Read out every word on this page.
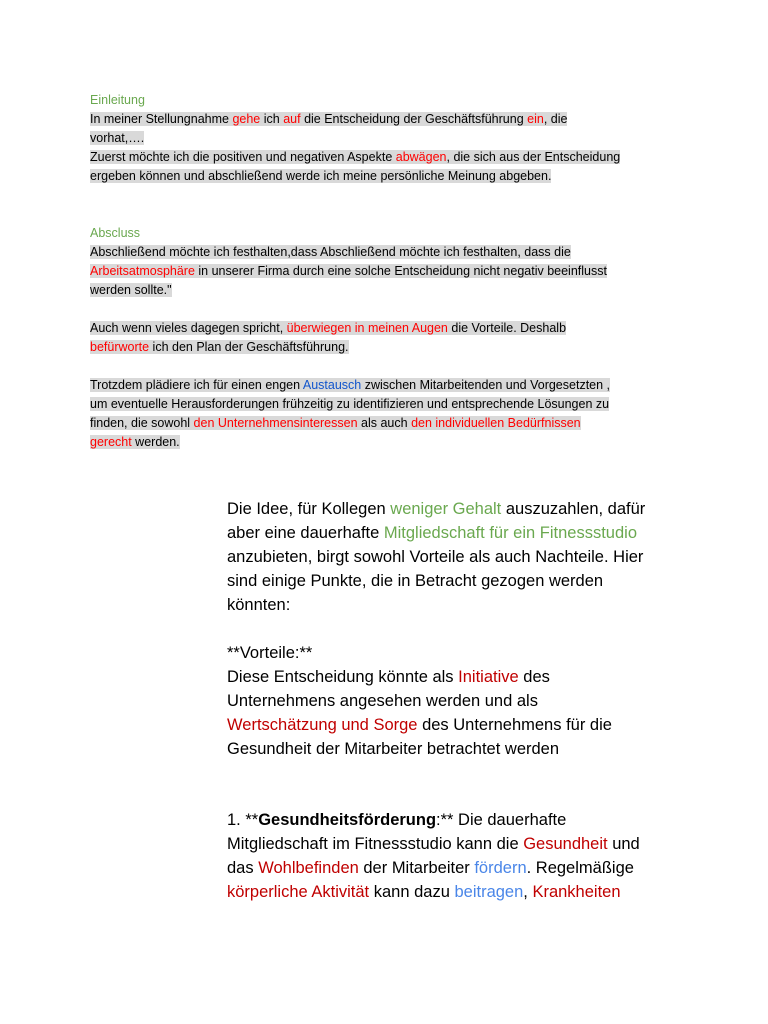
Einleitung
In meiner Stellungnahme gehe ich auf die Entscheidung der Geschäftsführung ein, die
vorhat,….
Zuerst möchte ich die positiven und negativen Aspekte abwägen, die sich aus der Entscheidung
ergeben können und abschließend werde ich meine persönliche Meinung abgeben.
Abscluss
Abschließend möchte ich festhalten,dass Abschließend möchte ich festhalten, dass die
Arbeitsatmosphäre in unserer Firma durch eine solche Entscheidung nicht negativ beeinflusst
werden sollte."
Auch wenn vieles dagegen spricht, überwiegen in meinen Augen die Vorteile. Deshalb
befürworte ich den Plan der Geschäftsführung.
Trotzdem plädiere ich für einen engen Austausch zwischen Mitarbeitenden und Vorgesetzten ,
um eventuelle Herausforderungen frühzeitig zu identifizieren und entsprechende Lösungen zu
finden, die sowohl den Unternehmensinteressen als auch den individuellen Bedürfnissen
gerecht werden.
Die Idee, für Kollegen weniger Gehalt auszuzahlen, dafür
aber eine dauerhafte Mitgliedschaft für ein Fitnessstudio
anzubieten, birgt sowohl Vorteile als auch Nachteile. Hier
sind einige Punkte, die in Betracht gezogen werden
könnten:
**Vorteile:**
Diese Entscheidung könnte als Initiative des
Unternehmens angesehen werden und als
Wertschätzung und Sorge des Unternehmens für die
Gesundheit der Mitarbeiter betrachtet werden
1. **Gesundheitsförderung:** Die dauerhafte
Mitgliedschaft im Fitnessstudio kann die Gesundheit und
das Wohlbefinden der Mitarbeiter fördern. Regelmäßige
körperliche Aktivität kann dazu beitragen, Krankheiten
